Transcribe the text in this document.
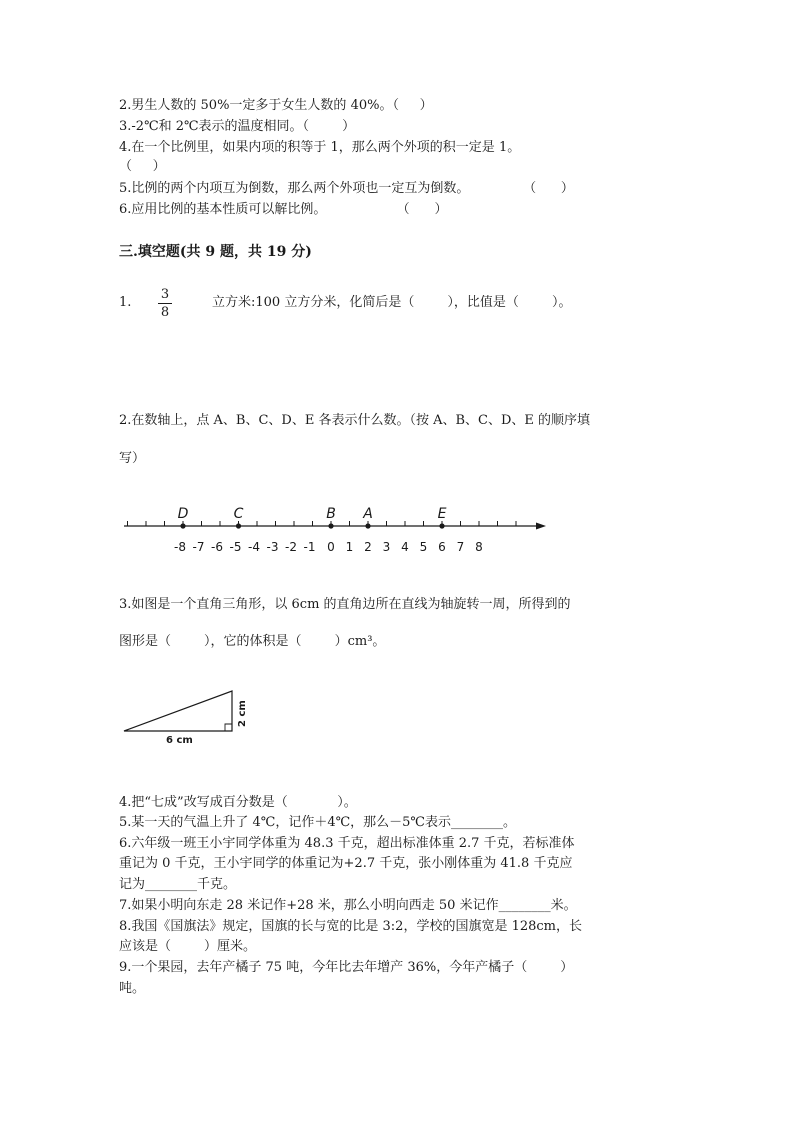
2.男生人数的 50%一定多于女生人数的 40%。（     ）
3.-2℃和 2℃表示的温度相同。（        ）
4.在一个比例里，如果内项的积等于 1，那么两个外项的积一定是 1。
（     ）
5.比例的两个内项互为倒数，那么两个外项也一定互为倒数。             （      ）
6.应用比例的基本性质可以解比例。                 （      ）
三.填空题(共 9 题，共 19 分)
1.
3
8
立方米:100 立方分米，化简后是（        ），比值是（        ）。
2.在数轴上，点 A、B、C、D、E 各表示什么数。（按 A、B、C、D、E 的顺序填
写）
-8 -7 -6 -5 -4 -3 -2 -1 0 1 2 3 4 5 6 7 8
D	C	B A	E
3.如图是一个直角三角形，以 6cm 的直角边所在直线为轴旋转一周，所得到的
图形是（        ），它的体积是（        ）cm³。
6 cm
2 cm
4.把“七成”改写成百分数是（            ）。
5.某一天的气温上升了 4℃，记作＋4℃，那么－5℃表示________。
6.六年级一班王小宇同学体重为 48.3 千克，超出标准体重 2.7 千克，若标准体
重记为 0 千克，王小宇同学的体重记为+2.7 千克，张小刚体重为 41.8 千克应
记为________千克。
7.如果小明向东走 28 米记作+28 米，那么小明向西走 50 米记作________米。
8.我国《国旗法》规定，国旗的长与宽的比是 3:2，学校的国旗宽是 128cm，长
应该是（        ）厘米。
9.一个果园，去年产橘子 75 吨，今年比去年增产 36%，今年产橘子（        ）
吨。
